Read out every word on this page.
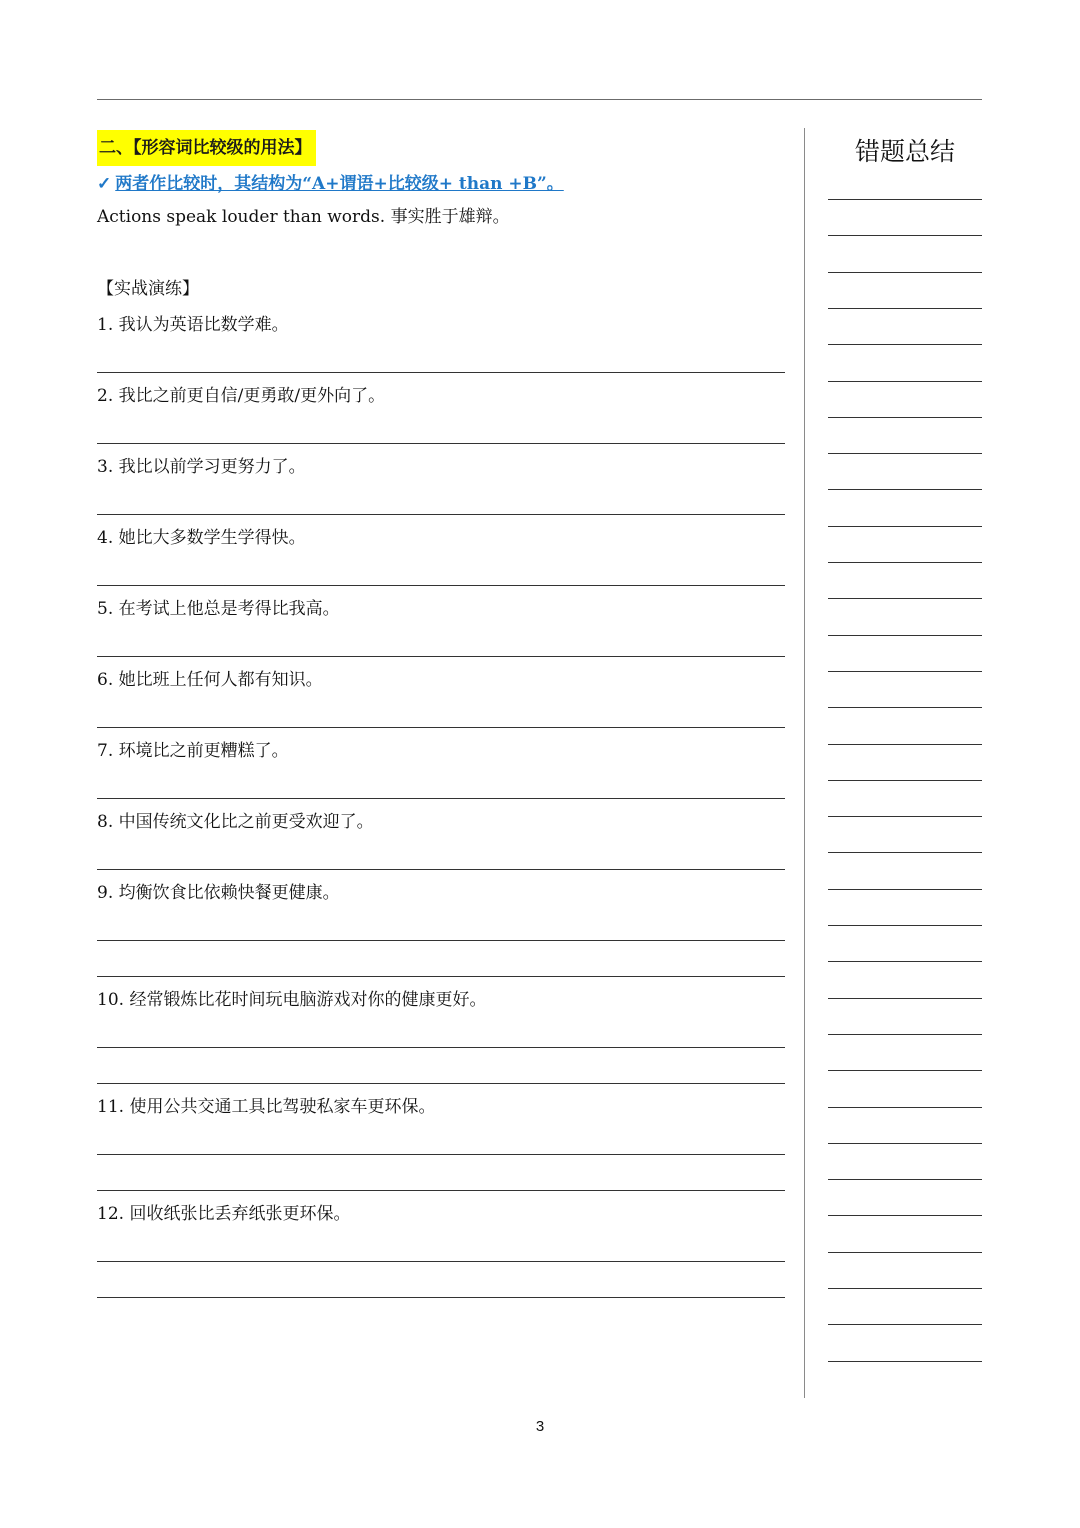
二、【形容词比较级的用法】
✓ 两者作比较时，其结构为“A+谓语+比较级+ than +B”。
Actions speak louder than words. 事实胜于雄辩。
【实战演练】
1. 我认为英语比数学难。
2. 我比之前更自信/更勇敢/更外向了。
3. 我比以前学习更努力了。
4. 她比大多数学生学得快。
5. 在考试上他总是考得比我高。
6. 她比班上任何人都有知识。
7. 环境比之前更糟糕了。
8. 中国传统文化比之前更受欢迎了。
9. 均衡饮食比依赖快餐更健康。
10. 经常锻炼比花时间玩电脑游戏对你的健康更好。
11. 使用公共交通工具比驾驶私家车更环保。
12. 回收纸张比丢弃纸张更环保。
错题总结
3
